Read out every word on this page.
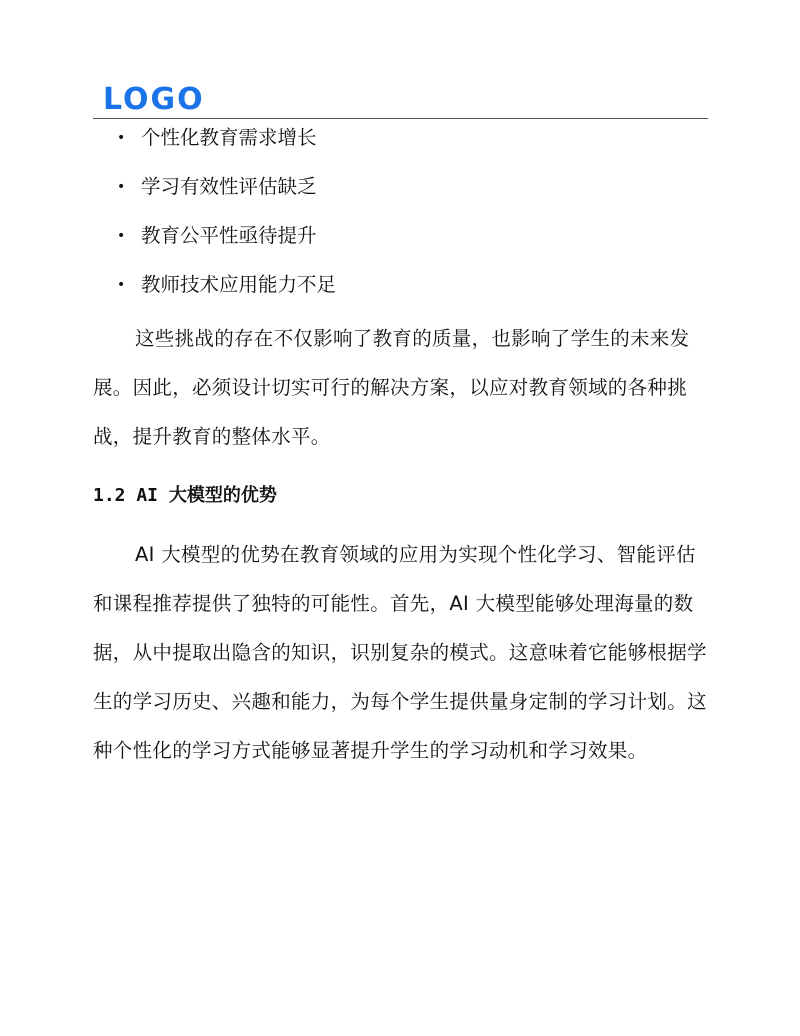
LOGO
• 个性化教育需求增长
• 学习有效性评估缺乏
• 教育公平性亟待提升
• 教师技术应用能力不足

这些挑战的存在不仅影响了教育的质量，也影响了学生的未来发展。因此，必须设计切实可行的解决方案，以应对教育领域的各种挑战，提升教育的整体水平。

1.2 AI 大模型的优势

AI 大模型的优势在教育领域的应用为实现个性化学习、智能评估和课程推荐提供了独特的可能性。首先，AI 大模型能够处理海量的数据，从中提取出隐含的知识，识别复杂的模式。这意味着它能够根据学生的学习历史、兴趣和能力，为每个学生提供量身定制的学习计划。这种个性化的学习方式能够显著提升学生的学习动机和学习效果。
